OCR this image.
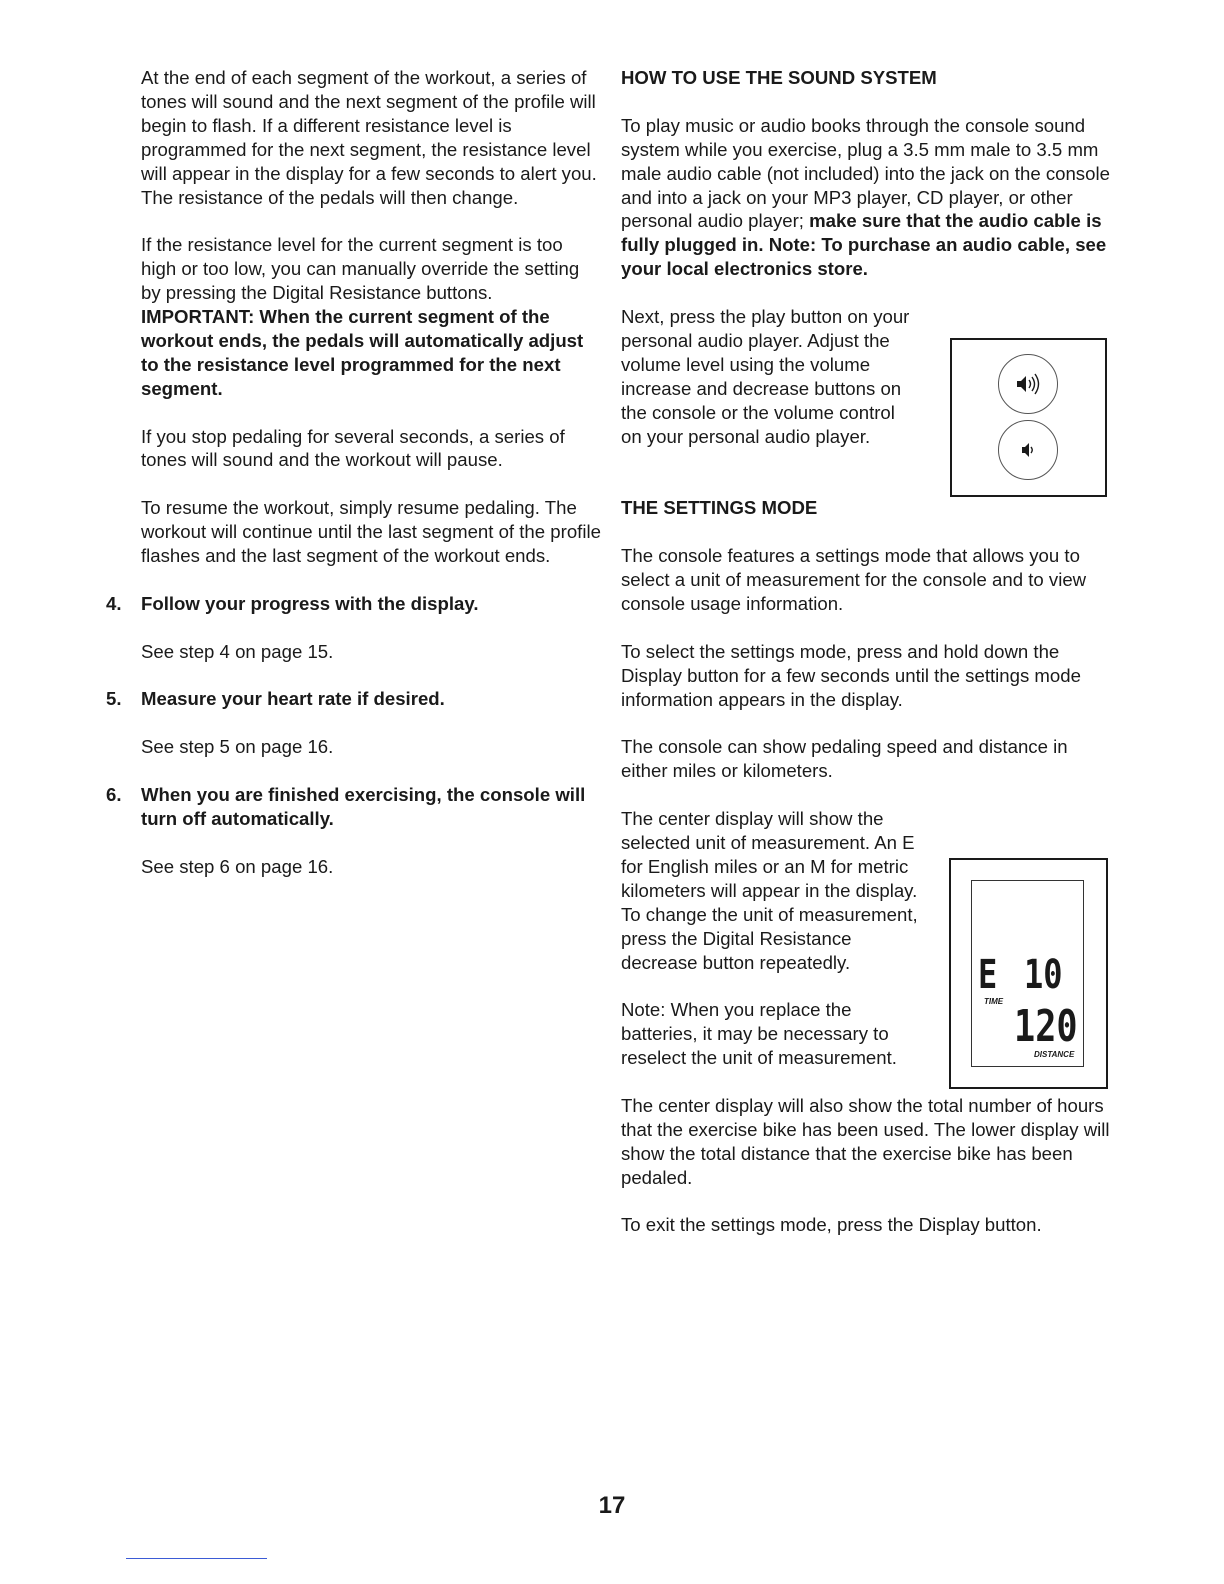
At the end of each segment of the workout, a series of tones will sound and the next segment of the profile will begin to flash. If a different resistance level is programmed for the next segment, the resistance level will appear in the display for a few seconds to alert you. The resistance of the pedals will then change.

If the resistance level for the current segment is too high or too low, you can manually override the setting by pressing the Digital Resistance buttons. IMPORTANT: When the current segment of the workout ends, the pedals will automatically adjust to the resistance level programmed for the next segment.

If you stop pedaling for several seconds, a series of tones will sound and the workout will pause.

To resume the workout, simply resume pedaling. The workout will continue until the last segment of the profile flashes and the last segment of the workout ends.

4. Follow your progress with the display.

See step 4 on page 15.

5. Measure your heart rate if desired.

See step 5 on page 16.

6. When you are finished exercising, the console will turn off automatically.

See step 6 on page 16.

HOW TO USE THE SOUND SYSTEM

To play music or audio books through the console sound system while you exercise, plug a 3.5 mm male to 3.5 mm male audio cable (not included) into the jack on the console and into a jack on your MP3 player, CD player, or other personal audio player; make sure that the audio cable is fully plugged in. Note: To purchase an audio cable, see your local electronics store.

Next, press the play button on your personal audio player. Adjust the volume level using the volume increase and decrease buttons on the console or the volume control on your personal audio player.

THE SETTINGS MODE

The console features a settings mode that allows you to select a unit of measurement for the console and to view console usage information.

To select the settings mode, press and hold down the Display button for a few seconds until the settings mode information appears in the display.

The console can show pedaling speed and distance in either miles or kilometers.

The center display will show the selected unit of measurement. An E for English miles or an M for metric kilometers will appear in the display. To change the unit of measurement, press the Digital Resistance decrease button repeatedly.

Note: When you replace the batteries, it may be necessary to reselect the unit of measurement.

The center display will also show the total number of hours that the exercise bike has been used. The lower display will show the total distance that the exercise bike has been pedaled.

To exit the settings mode, press the Display button.

E 10
TIME 120
DISTANCE
17
